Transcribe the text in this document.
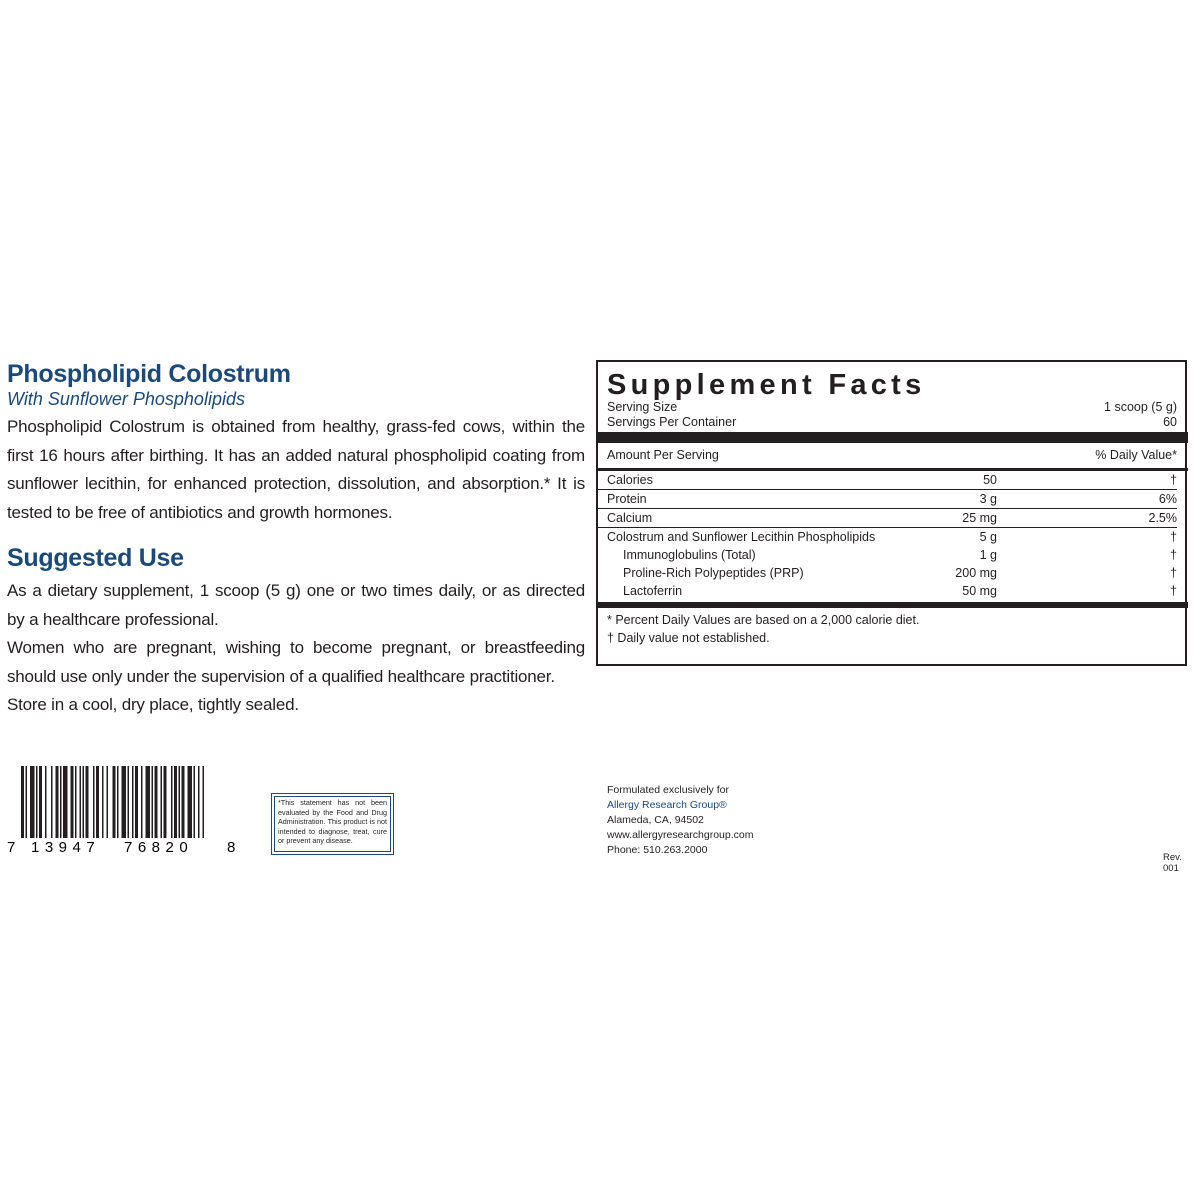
Phospholipid Colostrum
With Sunflower Phospholipids

Phospholipid Colostrum is obtained from healthy, grass-fed cows, within the first 16 hours after birthing. It has an added natural phospholipid coating from sunflower lecithin, for enhanced protection, dissolution, and absorption.* It is tested to be free of antibiotics and growth hormones.

Suggested Use

As a dietary supplement, 1 scoop (5 g) one or two times daily, or as directed by a healthcare professional.

Women who are pregnant, wishing to become pregnant, or breastfeeding should use only under the supervision of a qualified healthcare practitioner.

Store in a cool, dry place, tightly sealed.

Supplement Facts
Serving Size	1 scoop (5 g)
Servings Per Container	60
Amount Per Serving	% Daily Value*
Calories	50	†
Protein	3 g	6%
Calcium	25 mg	2.5%
Colostrum and Sunflower Lecithin Phospholipids	5 g	†
Immunoglobulins (Total)	1 g	†
Proline-Rich Polypeptides (PRP)	200 mg	†
Lactoferrin	50 mg	†
* Percent Daily Values are based on a 2,000 calorie diet.
† Daily value not established.
7 13947 76820 8
*This statement has not been evaluated by the Food and Drug Administration. This product is not intended to diagnose, treat, cure or prevent any disease.
Formulated exclusively for
Allergy Research Group®
Alameda, CA, 94502
www.allergyresearchgroup.com
Phone: 510.263.2000
Rev. 001
